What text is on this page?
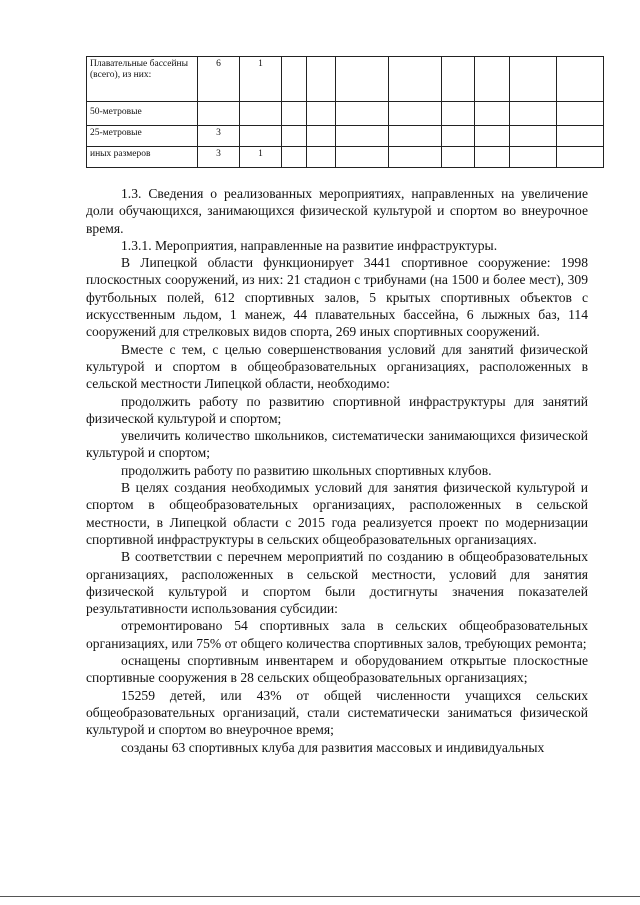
Плавательные бассейны (всего), из них:	6	1								
50-метровые										
25-метровые	3									
иных размеров	3	1								

1.3. Сведения о реализованных мероприятиях, направленных на увеличение доли обучающихся, занимающихся физической культурой и спортом во внеурочное время.

1.3.1. Мероприятия, направленные на развитие инфраструктуры.

В Липецкой области функционирует 3441 спортивное сооружение: 1998 плоскостных сооружений, из них: 21 стадион с трибунами (на 1500 и более мест), 309 футбольных полей, 612 спортивных залов, 5 крытых спортивных объектов с искусственным льдом, 1 манеж, 44 плавательных бассейна, 6 лыжных баз, 114 сооружений для стрелковых видов спорта, 269 иных спортивных сооружений.

Вместе с тем, с целью совершенствования условий для занятий физической культурой и спортом в общеобразовательных организациях, расположенных в сельской местности Липецкой области, необходимо:

продолжить работу по развитию спортивной инфраструктуры для занятий физической культурой и спортом;

увеличить количество школьников, систематически занимающихся физической культурой и спортом;

продолжить работу по развитию школьных спортивных клубов.

В целях создания необходимых условий для занятия физической культурой и спортом в общеобразовательных организациях, расположенных в сельской местности, в Липецкой области с 2015 года реализуется проект по модернизации спортивной инфраструктуры в сельских общеобразовательных организациях.

В соответствии с перечнем мероприятий по созданию в общеобразовательных организациях, расположенных в сельской местности, условий для занятия физической культурой и спортом были достигнуты значения показателей результативности использования субсидии:

отремонтировано 54 спортивных зала в сельских общеобразовательных организациях, или 75% от общего количества спортивных залов, требующих ремонта;

оснащены спортивным инвентарем и оборудованием открытые плоскостные спортивные сооружения в 28 сельских общеобразовательных организациях;

15259 детей, или 43% от общей численности учащихся сельских общеобразовательных организаций, стали систематически заниматься физической культурой и спортом во внеурочное время;

созданы 63 спортивных клуба для развития массовых и индивидуальных
